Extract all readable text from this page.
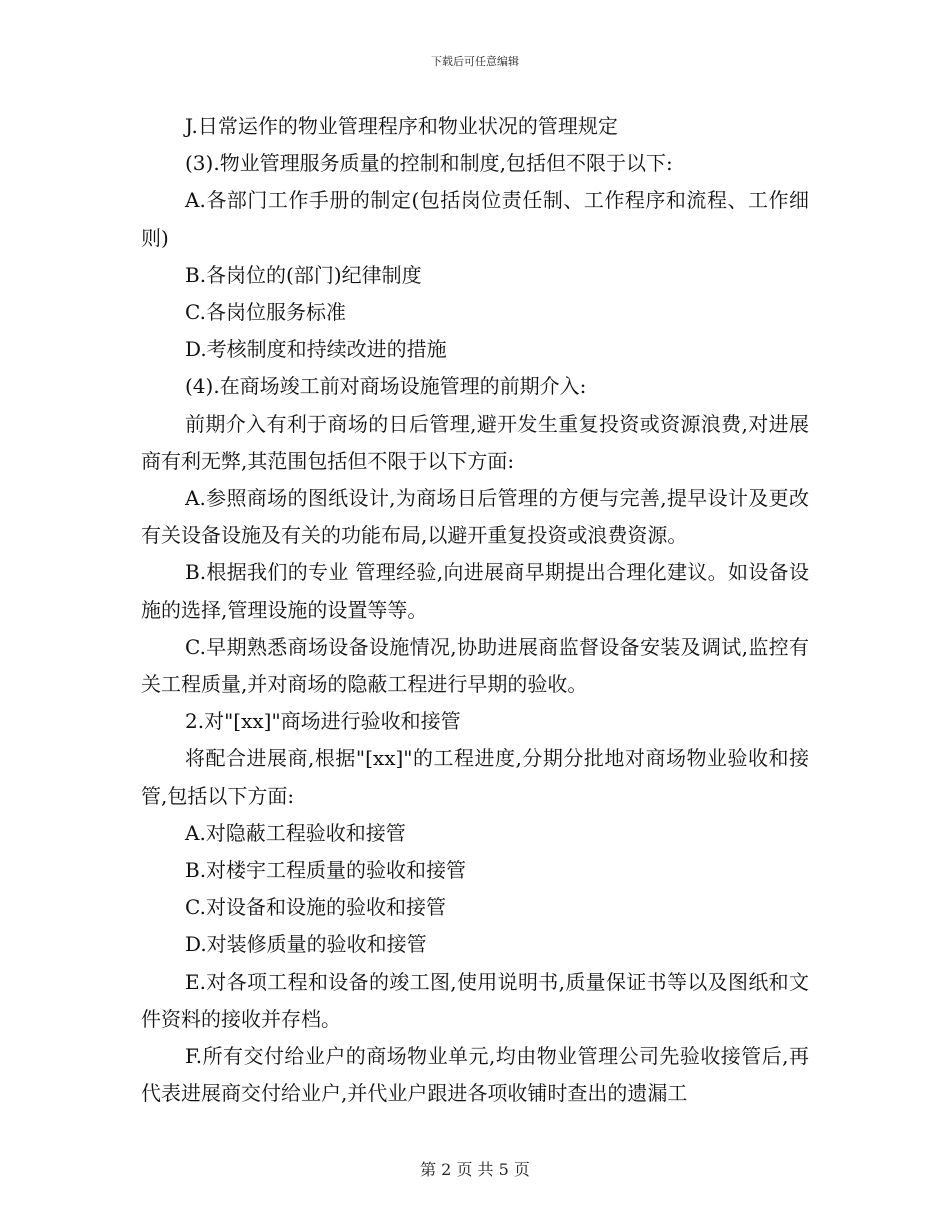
下载后可任意编辑

J.日常运作的物业管理程序和物业状况的管理规定

(3).物业管理服务质量的控制和制度,包括但不限于以下:

A.各部门工作手册的制定(包括岗位责任制、工作程序和流程、工作细则)

B.各岗位的(部门)纪律制度

C.各岗位服务标准

D.考核制度和持续改进的措施

(4).在商场竣工前对商场设施管理的前期介入:

前期介入有利于商场的日后管理,避开发生重复投资或资源浪费,对进展商有利无弊,其范围包括但不限于以下方面:

A.参照商场的图纸设计,为商场日后管理的方便与完善,提早设计及更改有关设备设施及有关的功能布局,以避开重复投资或浪费资源。

B.根据我们的专业 管理经验,向进展商早期提出合理化建议。如设备设施的选择,管理设施的设置等等。

C.早期熟悉商场设备设施情况,协助进展商监督设备安装及调试,监控有关工程质量,并对商场的隐蔽工程进行早期的验收。

2.对"[xx]"商场进行验收和接管

将配合进展商,根据"[xx]"的工程进度,分期分批地对商场物业验收和接管,包括以下方面:

A.对隐蔽工程验收和接管

B.对楼宇工程质量的验收和接管

C.对设备和设施的验收和接管

D.对装修质量的验收和接管

E.对各项工程和设备的竣工图,使用说明书,质量保证书等以及图纸和文件资料的接收并存档。

F.所有交付给业户的商场物业单元,均由物业管理公司先验收接管后,再代表进展商交付给业户,并代业户跟进各项收铺时查出的遗漏工

第 2 页 共 5 页
